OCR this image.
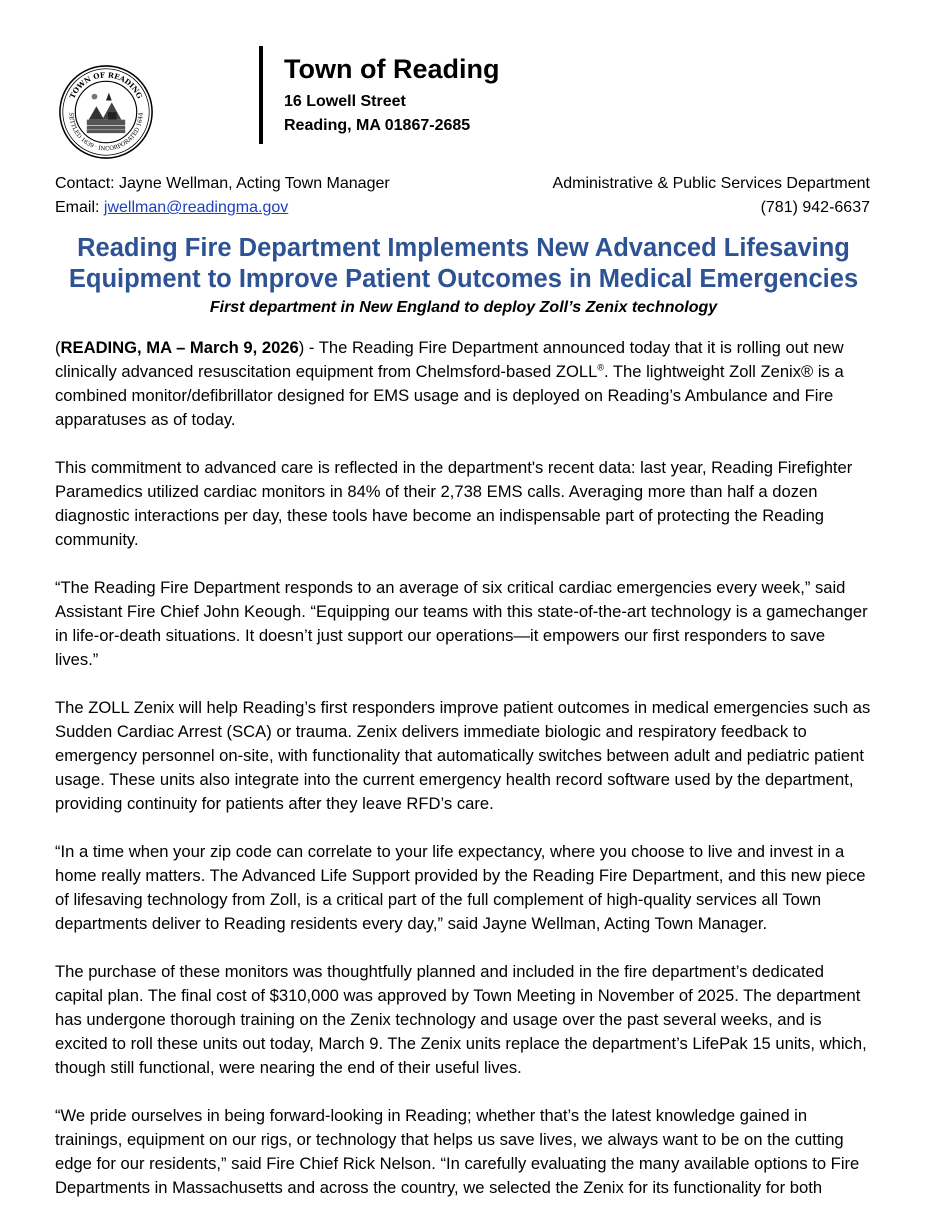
TOWN OF READING
SETTLED 1639 · INCORPORATED 1644
Town of Reading
16 Lowell Street
Reading, MA 01867-2685
Contact: Jayne Wellman, Acting Town Manager
Email: jwellman@readingma.gov
Administrative & Public Services Department
(781) 942-6637
Reading Fire Department Implements New Advanced Lifesaving Equipment to Improve Patient Outcomes in Medical Emergencies
First department in New England to deploy Zoll’s Zenix technology

(READING, MA – March 9, 2026) - The Reading Fire Department announced today that it is rolling out new clinically advanced resuscitation equipment from Chelmsford-based ZOLL®. The lightweight Zoll Zenix® is a combined monitor/defibrillator designed for EMS usage and is deployed on Reading’s Ambulance and Fire apparatuses as of today.

This commitment to advanced care is reflected in the department's recent data: last year, Reading Firefighter Paramedics utilized cardiac monitors in 84% of their 2,738 EMS calls. Averaging more than half a dozen diagnostic interactions per day, these tools have become an indispensable part of protecting the Reading community.

“The Reading Fire Department responds to an average of six critical cardiac emergencies every week,” said Assistant Fire Chief John Keough. “Equipping our teams with this state-of-the-art technology is a gamechanger in life-or-death situations. It doesn’t just support our operations—it empowers our first responders to save lives.”

The ZOLL Zenix will help Reading’s first responders improve patient outcomes in medical emergencies such as Sudden Cardiac Arrest (SCA) or trauma. Zenix delivers immediate biologic and respiratory feedback to emergency personnel on-site, with functionality that automatically switches between adult and pediatric patient usage. These units also integrate into the current emergency health record software used by the department, providing continuity for patients after they leave RFD’s care.

“In a time when your zip code can correlate to your life expectancy, where you choose to live and invest in a home really matters. The Advanced Life Support provided by the Reading Fire Department, and this new piece of lifesaving technology from Zoll, is a critical part of the full complement of high-quality services all Town departments deliver to Reading residents every day,” said Jayne Wellman, Acting Town Manager.

The purchase of these monitors was thoughtfully planned and included in the fire department’s dedicated capital plan. The final cost of $310,000 was approved by Town Meeting in November of 2025. The department has undergone thorough training on the Zenix technology and usage over the past several weeks, and is excited to roll these units out today, March 9. The Zenix units replace the department’s LifePak 15 units, which, though still functional, were nearing the end of their useful lives.

“We pride ourselves in being forward-looking in Reading; whether that’s the latest knowledge gained in trainings, equipment on our rigs, or technology that helps us save lives, we always want to be on the cutting edge for our residents,” said Fire Chief Rick Nelson. “In carefully evaluating the many available options to Fire Departments in Massachusetts and across the country, we selected the Zenix for its functionality for both
